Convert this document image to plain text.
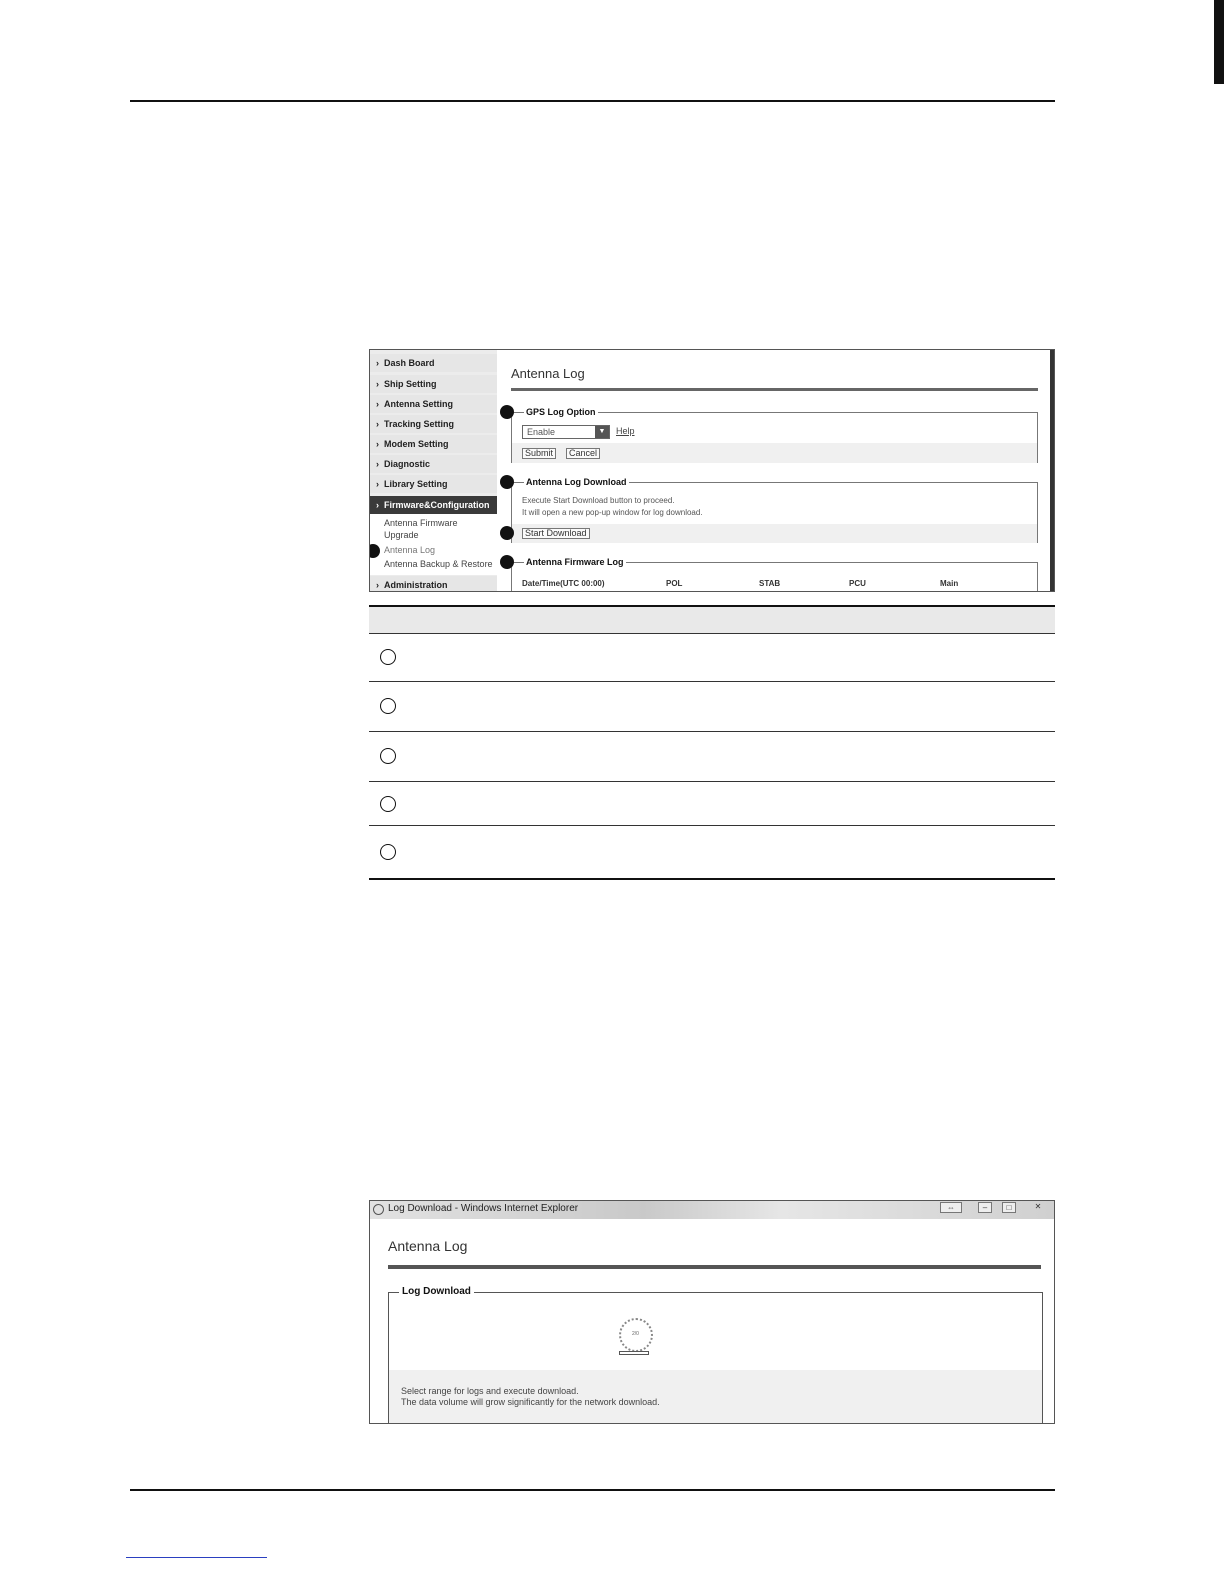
› Dash Board
› Ship Setting
› Antenna Setting
› Tracking Setting
› Modem Setting
› Diagnostic
› Library Setting
› Firmware&Configuration
Antenna Firmware
Upgrade
Antenna Log
Antenna Backup & Restore
› Administration
Antenna Log
GPS Log Option
Enable	▼	Help
Submit	Cancel
Antenna Log Download
Execute Start Download button to proceed.
It will open a new pop-up window for log download.
Start Download
Antenna Firmware Log
Date/Time(UTC 00:00)	POL	STAB	PCU	Main
Log Download - Windows Internet Explorer	⇔	–	□	✕
Antenna Log
Log Download
2/0
Select range for logs and execute download.
The data volume will grow significantly for the network download.
